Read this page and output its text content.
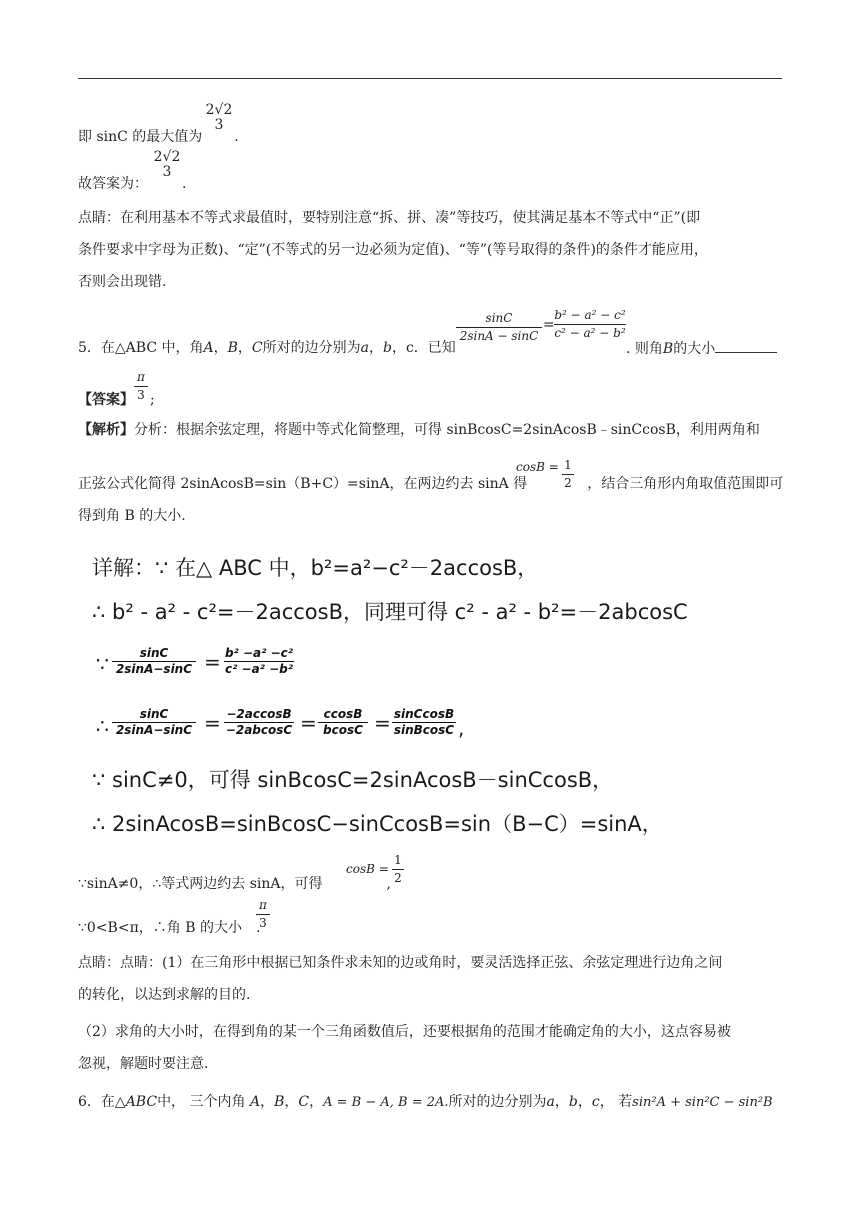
2√2
3
即 sinC 的最大值为 .
2√2
3
故答案为： .
点睛：在利用基本不等式求最值时，要特别注意“拆、拼、凑”等技巧，使其满足基本不等式中“正”(即
条件要求中字母为正数)、“定”(不等式的另一边必须为定值)、“等”(等号取得的条件)的条件才能应用，
否则会出现错.
sinC
2sinA − sinC
=
b² − a² − c²
c² − a² − b²
5．在△ABC 中，角A，B，C所对的边分别为a，b，c．已知	. 则角B的大小
π
3
【答案】 ;
【解析】分析：根据余弦定理，将题中等式化简整理，可得 sinBcosC=2sinAcosB﹣sinCcosB，利用两角和
1
2
cosB =
正弦公式化简得 2sinAcosB=sin（B+C）=sinA，在两边约去 sinA 得	，结合三角形内角取值范围即可
得到角 B 的大小.
详解：∵ 在△ ABC 中，b²=a²−c²－2accosB，
∴ b² - a² - c²=－2accosB，同理可得 c² - a² - b²=－2abcosC
∵	sinC
2sinA−sinC = b² −a² −c²
c² −a² −b²
∴	sinC
2sinA−sinC = −2accosB
−2abcosC = ccosB
bcosC = sinCcosB
sinBcosC ,
∵ sinC≠0，可得 sinBcosC=2sinAcosB－sinCcosB，
∴ 2sinAcosB=sinBcosC−sinCcosB=sin（B−C）=sinA，
cosB =
1
2
∵sinA≠0，∴等式两边约去 sinA，可得	,
π
3
∵0<B<π，∴角 B 的大小 .
点睛：点睛：(1）在三角形中根据已知条件求未知的边或角时，要灵活选择正弦、余弦定理进行边角之间
的转化，以达到求解的目的.
（2）求角的大小时，在得到角的某一个三角函数值后，还要根据角的范围才能确定角的大小，这点容易被
忽视，解题时要注意.
6．在△ABC中， 三个内角 A，B，C，A = B − A, B = 2A.所对的边分别为a，b，c， 若sin²A + sin²C − sin²B
